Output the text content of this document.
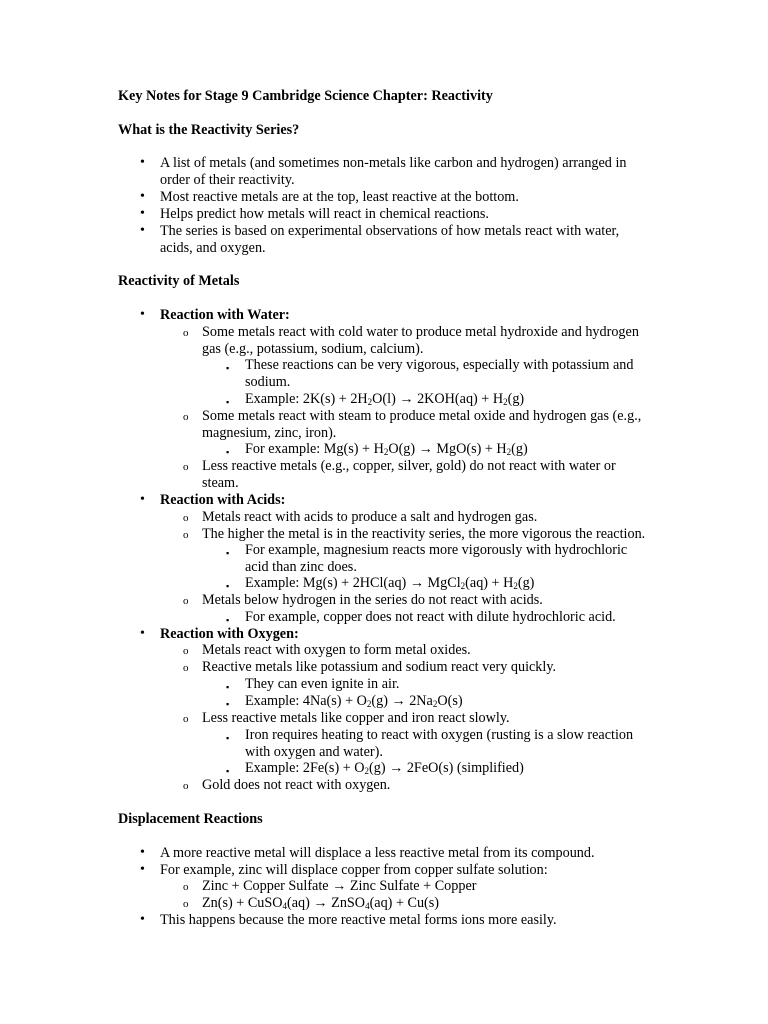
Key Notes for Stage 9 Cambridge Science Chapter: Reactivity
What is the Reactivity Series?
• A list of metals (and sometimes non-metals like carbon and hydrogen) arranged in
order of their reactivity.
• Most reactive metals are at the top, least reactive at the bottom.
• Helps predict how metals will react in chemical reactions.
• The series is based on experimental observations of how metals react with water,
acids, and oxygen.
Reactivity of Metals
• Reaction with Water:
o Some metals react with cold water to produce metal hydroxide and hydrogen
gas (e.g., potassium, sodium, calcium).
▪ These reactions can be very vigorous, especially with potassium and
sodium.
▪ Example: $2K(s) + 2H_2O(l) \to 2KOH(aq) + H_2(g)$
o Some metals react with steam to produce metal oxide and hydrogen gas (e.g.,
magnesium, zinc, iron).
▪ For example: $Mg(s) + H_2O(g) \to MgO(s) + H_2(g)$
o Less reactive metals (e.g., copper, silver, gold) do not react with water or
steam.
• Reaction with Acids:
o Metals react with acids to produce a salt and hydrogen gas.
o The higher the metal is in the reactivity series, the more vigorous the reaction.
▪ For example, magnesium reacts more vigorously with hydrochloric
acid than zinc does.
▪ Example: Mg(s) + 2HCl(aq) → MgCl$_2$(aq) + $H_2(g)$
o Metals below hydrogen in the series do not react with acids.
▪ For example, copper does not react with dilute hydrochloric acid.
• Reaction with Oxygen:
o Metals react with oxygen to form metal oxides.
o Reactive metals like potassium and sodium react very quickly.
▪ They can even ignite in air.
▪ Example: $4Na(s) + O_2(g) \to 2Na_2O(s)$
o Less reactive metals like copper and iron react slowly.
▪ Iron requires heating to react with oxygen (rusting is a slow reaction
with oxygen and water).
▪ Example: $2Fe(s) + O_2(g) \to 2FeO(s)$ (simplified)
o Gold does not react with oxygen.
Displacement Reactions
• A more reactive metal will displace a less reactive metal from its compound.
• For example, zinc will displace copper from copper sulfate solution:
o Zinc + Copper Sulfate → Zinc Sulfate + Copper
o Zn(s) + CuSO$_4$(aq) → ZnSO$_4$(aq) + Cu(s)
• This happens because the more reactive metal forms ions more easily.
